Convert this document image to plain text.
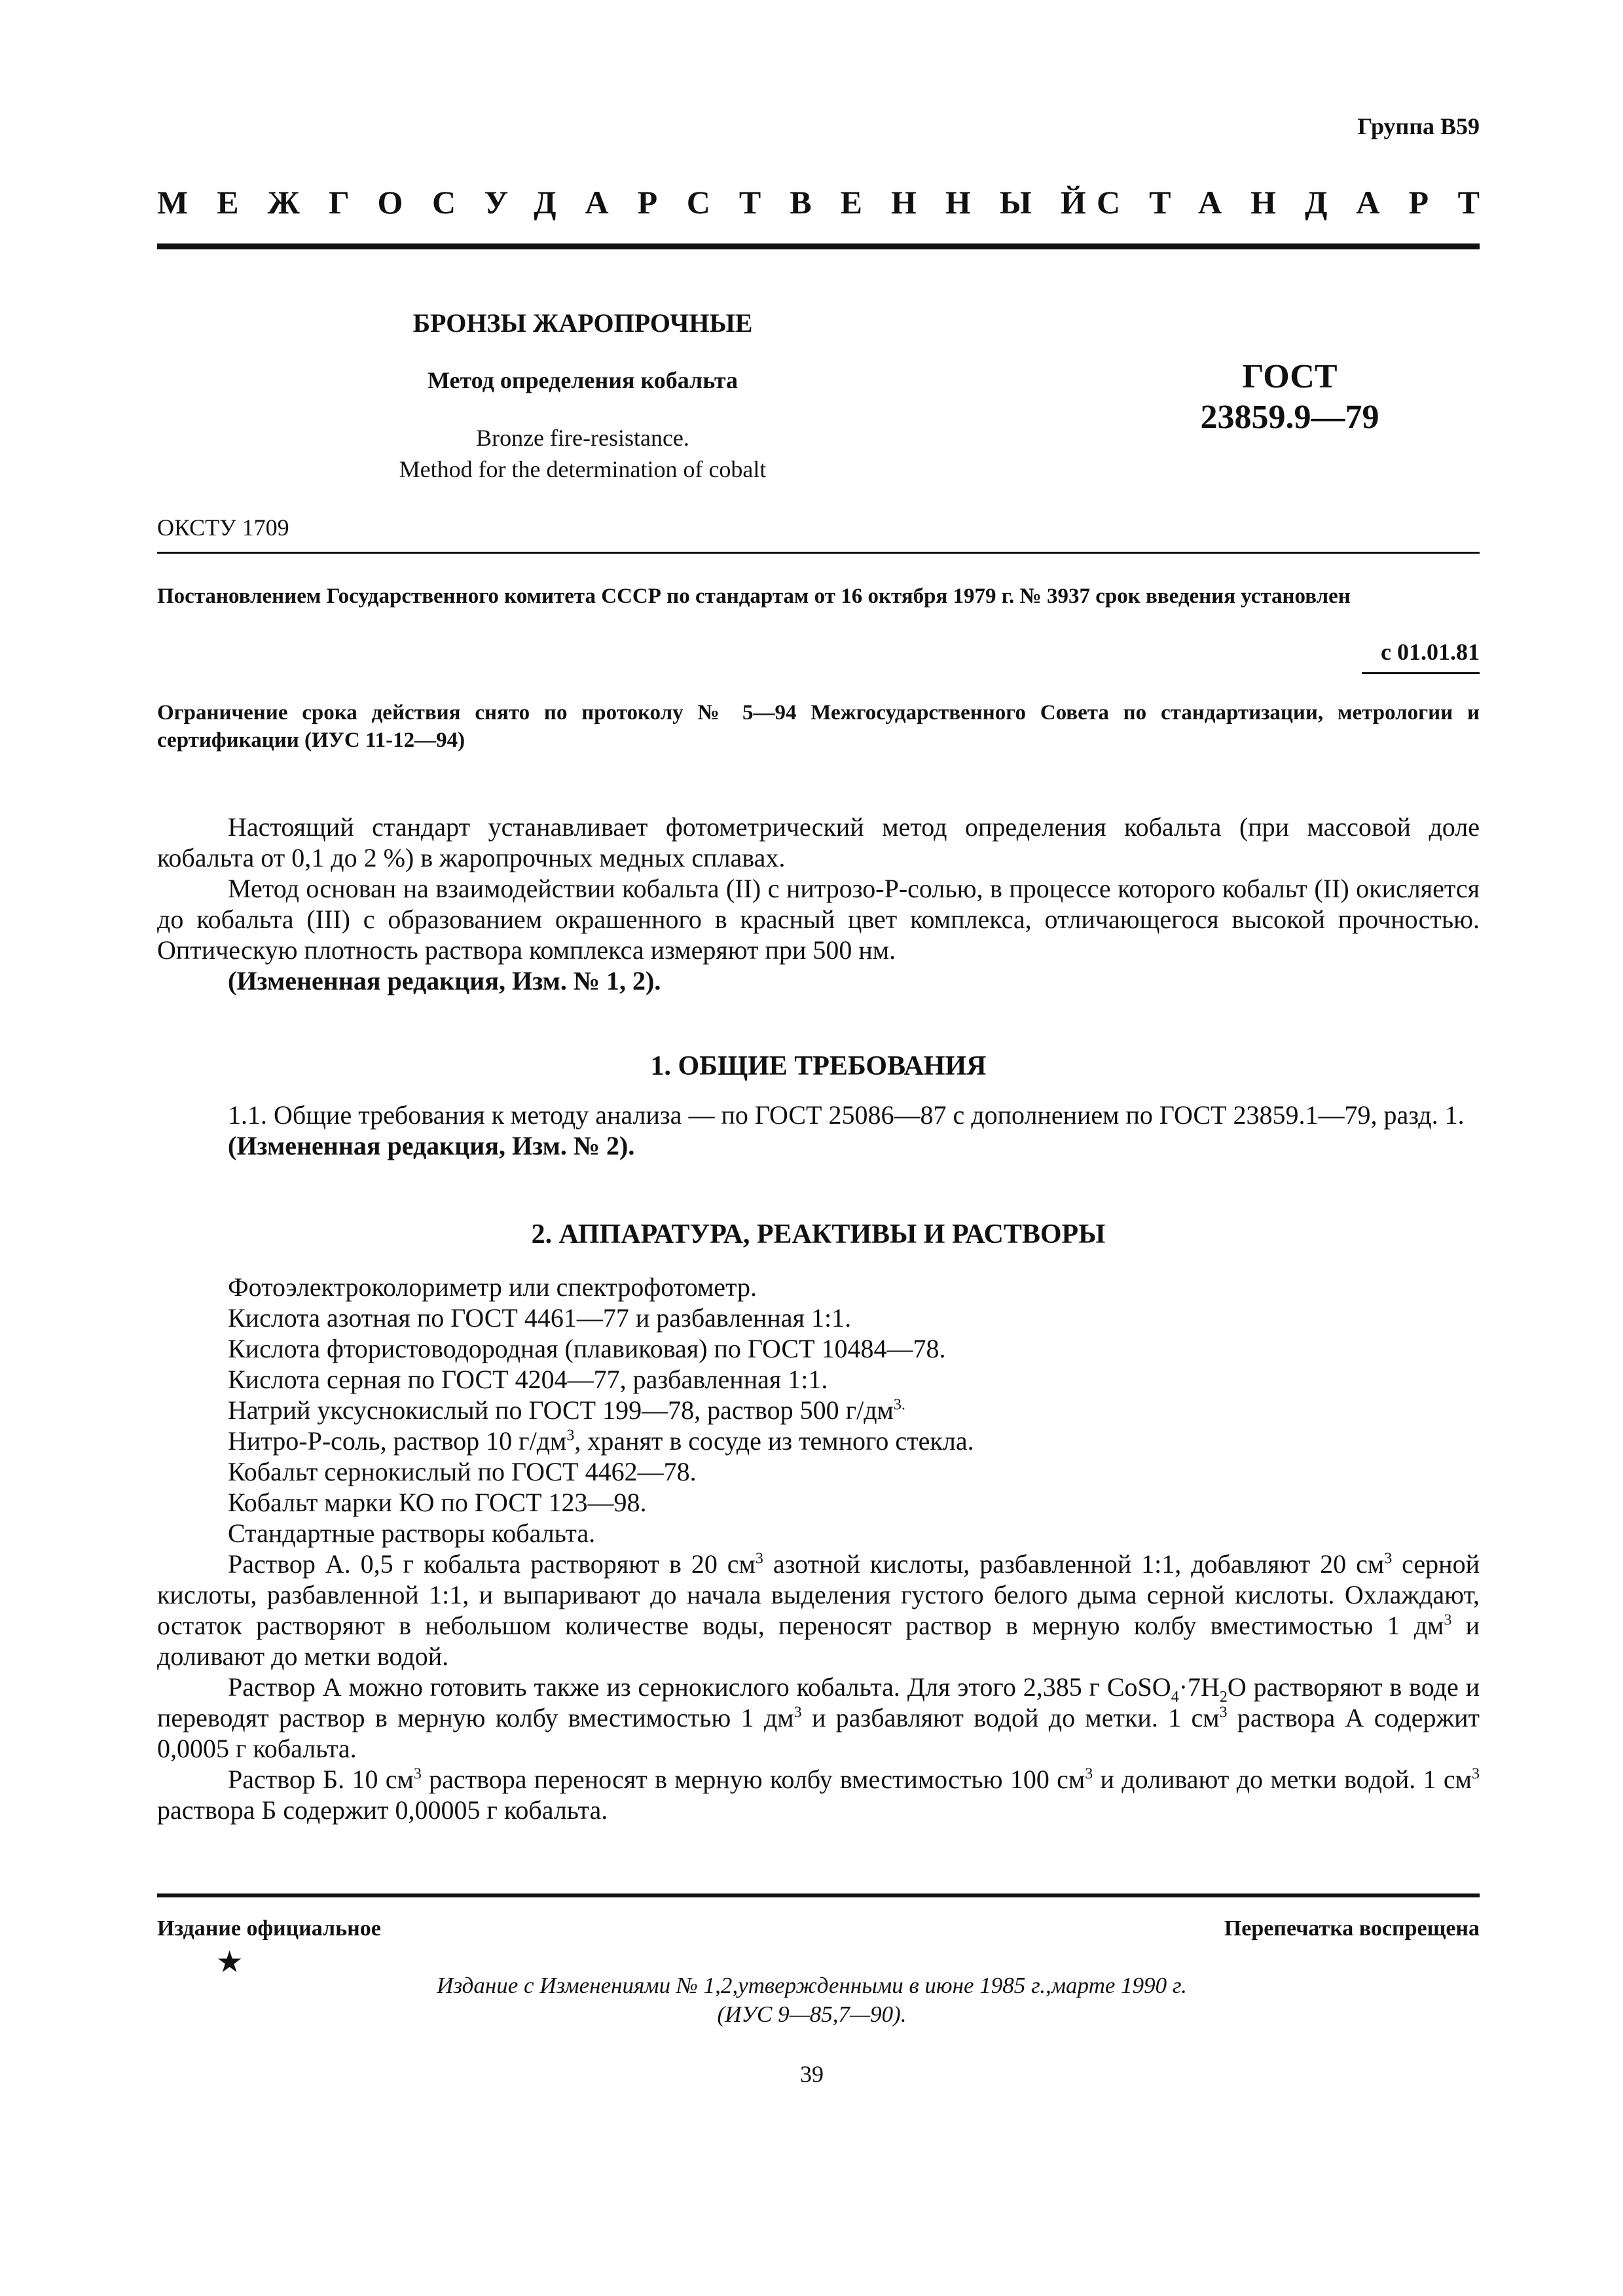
Группа В59
МЕЖГОСУДАРСТВЕННЫЙ
СТАНДАРТ
БРОНЗЫ ЖАРОПРОЧНЫЕ
Метод определения кобальта
Bronze fire-resistance.
Method for the determination of cobalt
ГОСТ
23859.9—79
ОКСТУ 1709
Постановлением Государственного комитета СССР по стандартам от 16 октября 1979 г. № 3937 срок введения установлен
с 01.01.81
Ограничение срока действия снято по протоколу № 5—94 Межгосударственного Совета по стандартизации, метрологии и сертификации (ИУС 11-12—94)

Настоящий стандарт устанавливает фотометрический метод определения кобальта (при массовой доле кобальта от 0,1 до 2 %) в жаропрочных медных сплавах.

Метод основан на взаимодействии кобальта (II) с нитрозо-Р-солью, в процессе которого кобальт (II) окисляется до кобальта (III) с образованием окрашенного в красный цвет комплекса, отличающегося высокой прочностью. Оптическую плотность раствора комплекса измеряют при 500 нм.

(Измененная редакция, Изм. № 1, 2).

1. ОБЩИЕ ТРЕБОВАНИЯ

1.1. Общие требования к методу анализа — по ГОСТ 25086—87 с дополнением по ГОСТ 23859.1—79, разд. 1.

(Измененная редакция, Изм. № 2).

2. АППАРАТУРА, РЕАКТИВЫ И РАСТВОРЫ
Фотоэлектроколориметр или спектрофотометр.
Кислота азотная по ГОСТ 4461—77 и разбавленная 1:1.
Кислота фтористоводородная (плавиковая) по ГОСТ 10484—78.
Кислота серная по ГОСТ 4204—77, разбавленная 1:1.
Натрий уксуснокислый по ГОСТ 199—78, раствор 500 $г/дм^{3.}$
Нитро-Р-соль, раствор 10 $г/дм^3$, хранят в сосуде из темного стекла.
Кобальт сернокислый по ГОСТ 4462—78.
Кобальт марки КО по ГОСТ 123—98.
Стандартные растворы кобальта.

Раствор А. 0,5 г кобальта растворяют в 20 $см^3$ азотной кислоты, разбавленной 1:1, добавляют 20 $см^3$ серной кислоты, разбавленной 1:1, и выпаривают до начала выделения густого белого дыма серной кислоты. Охлаждают, остаток растворяют в небольшом количестве воды, переносят раствор в мерную колбу вместимостью 1 $дм^3$ и доливают до метки водой.

Раствор А можно готовить также из сернокислого кобальта. Для этого 2,385 г $CoSO_4\cdot 7H_2O$ растворяют в воде и переводят раствор в мерную колбу вместимостью 1 $дм^3$ и разбавляют водой до метки. 1 $см^3$ раствора А содержит 0,0005 г кобальта.

Раствор Б. 10 $см^3$ раствора переносят в мерную колбу вместимостью 100 $см^3$ и доливают до метки водой. 1 $см^3$ раствора Б содержит 0,00005 г кобальта.

Издание официальное	Перепечатка воспрещена
★
Издание с Изменениями № 1,2,утвержденными в июне 1985 г.,марте 1990 г.
(ИУС 9—85,7—90).
39
